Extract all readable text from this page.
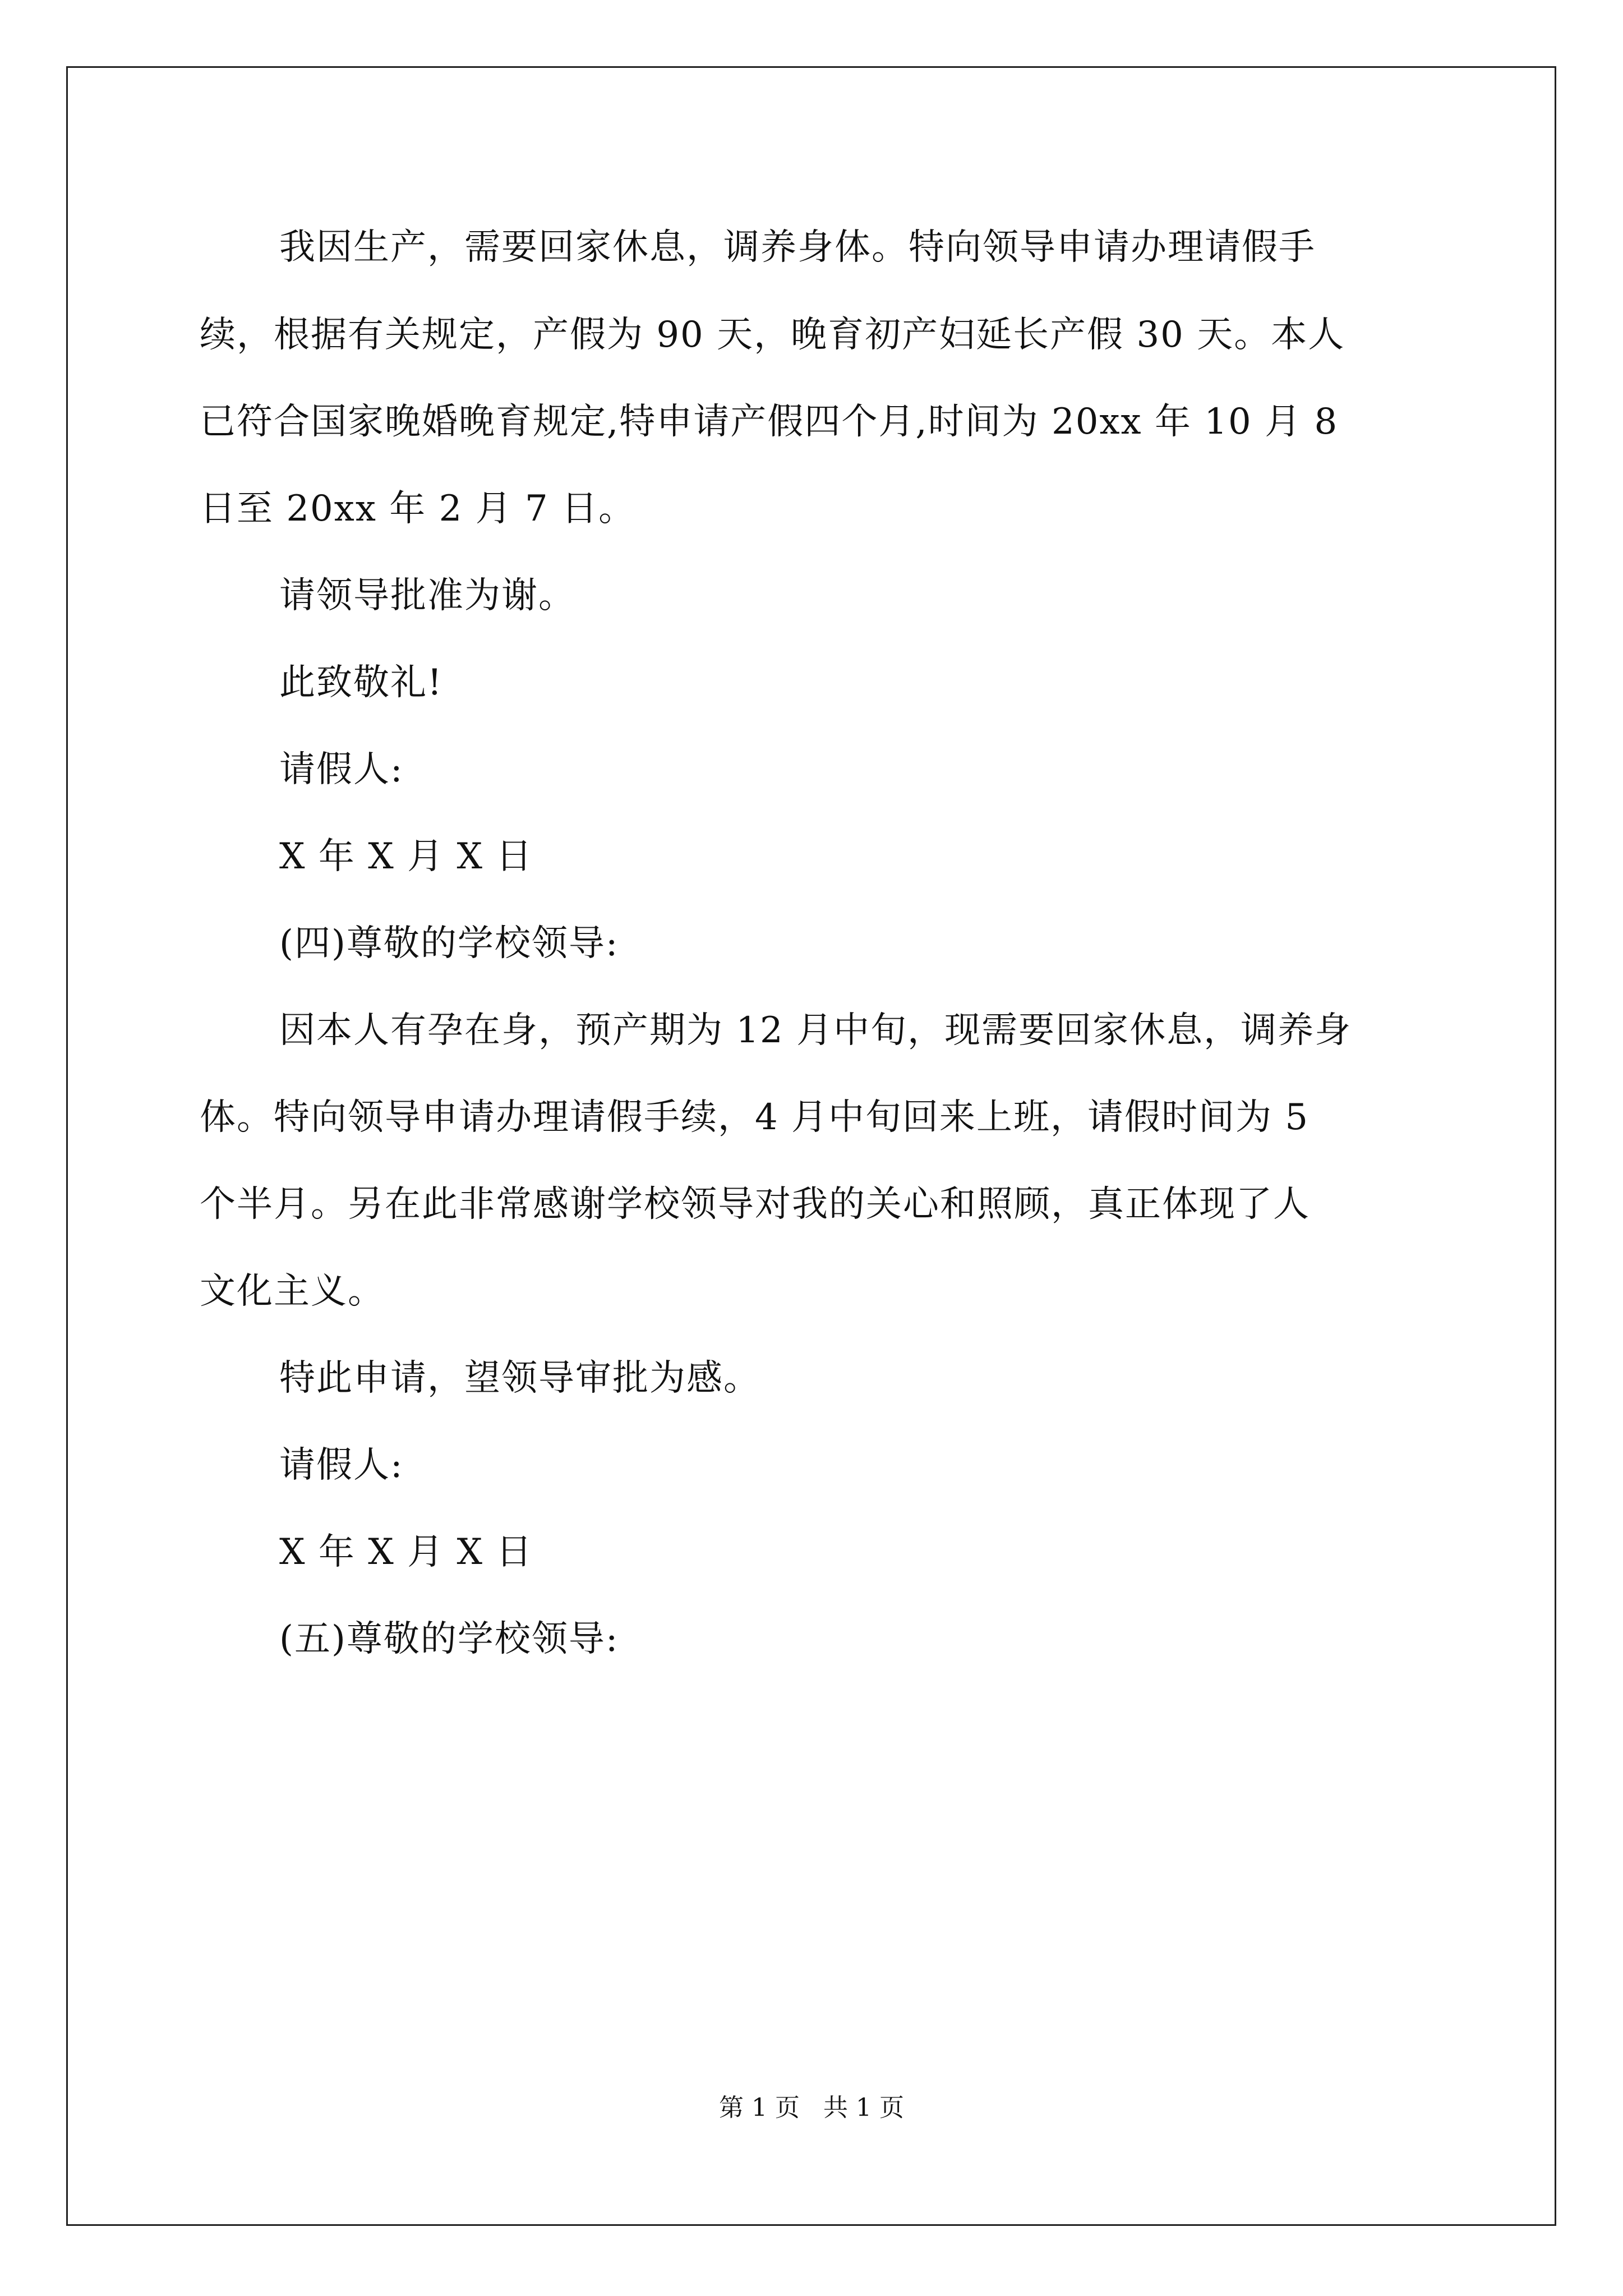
我因生产，需要回家休息，调养身体。特向领导申请办理请假手

续，根据有关规定，产假为 90 天，晚育初产妇延长产假 30 天。本人

已符合国家晚婚晚育规定,特申请产假四个月,时间为 20xx 年 10 月 8

日至 20xx 年 2 月 7 日。

请领导批准为谢。

此致敬礼!

请假人:

X 年 X 月 X 日

(四)尊敬的学校领导:

因本人有孕在身，预产期为 12 月中旬，现需要回家休息，调养身

体。特向领导申请办理请假手续，4 月中旬回来上班，请假时间为 5

个半月。另在此非常感谢学校领导对我的关心和照顾，真正体现了人

文化主义。

特此申请，望领导审批为感。

请假人:

X 年 X 月 X 日

(五)尊敬的学校领导:

第 1 页   共 1 页
